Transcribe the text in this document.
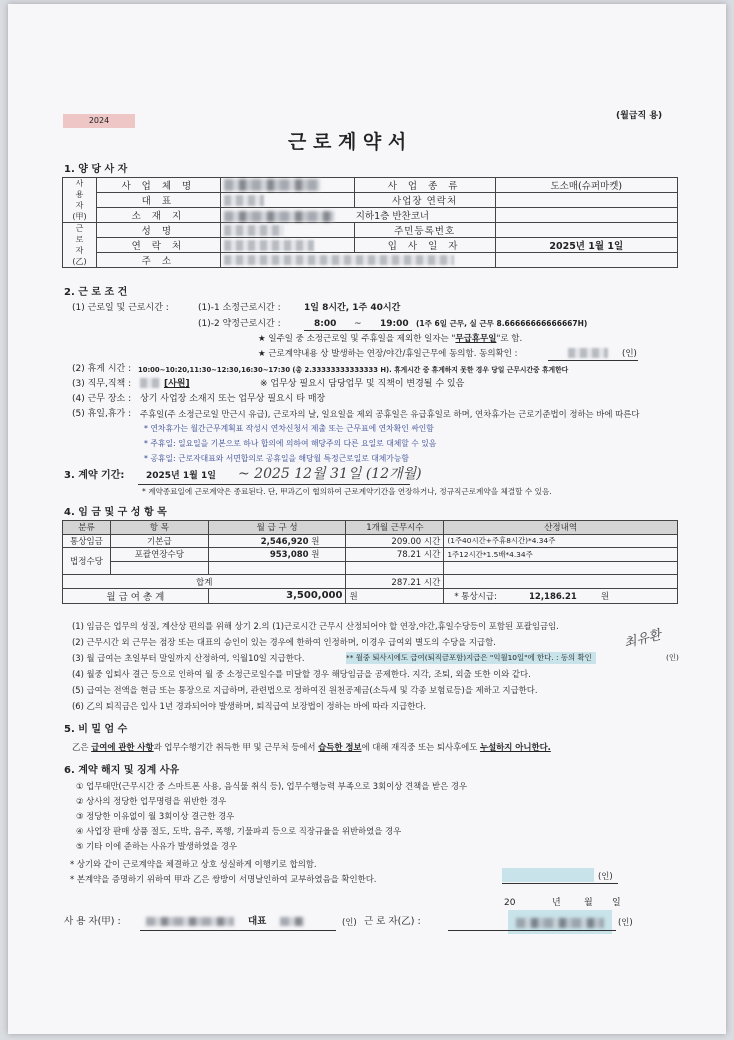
2024	(월급직 용)
근 로 계 약 서
1. 양 당 사 자
사 용 자 (甲)	사 업 체 명		사 업 종 류	도소매(슈퍼마켓)
	대 표		사업장 연락처	
	소 재 지	지하1층 반찬코너		
근 로 자 (乙)	성 명		주민등록번호	
	연 락 처		입 사 일 자	2025년 1월 1일
	주 소			
2. 근 로 조 건
(1) 근로일 및 근로시간 :	(1)-1 소정근로시간 :	1일 8시간, 1주 40시간
(1)-2 약정근로시간 :	8:00 ~ 19:00 (1주 6일 근무, 실 근무 8.66666666666667H)
★ 일주일 중 소정근로일 및 주휴일을 제외한 일자는 "무급휴무일"로 함.
★ 근로계약내용 상 발생하는 연장/야간/휴일근무에 동의함. 동의확인 :	(인)
(2) 휴게 시간 : 10:00~10:20,11:30~12:30,16:30~17:30 (총 2.33333333333333 H). 휴게시간 중 휴게하지 못한 경우 당일 근무시간중 휴게한다
(3) 직무,직책 :	[사원]	※ 업무상 필요시 담당업무 및 직책이 변경될 수 있음
(4) 근무 장소 : 상기 사업장 소재지 또는 업무상 필요시 타 매장
(5) 휴일,휴가 : 주휴일(주 소정근로일 만근시 유급), 근로자의 날, 일요일을 제외 공휴일은 유급휴일로 하며, 연차휴가는 근로기준법이 정하는 바에 따른다
* 연차휴가는 월간근무계획표 작성시 연차신청서 제출 또는 근무표에 연차확인 싸인함
* 주휴일: 일요일을 기본으로 하나 합의에 의하여 해당주의 다른 요일로 대체할 수 있음
* 공휴일: 근로자대표와 서면합의로 공휴일을 해당월 특정근로일로 대체가능함
3. 계약 기간: 2025년 1월 1일 ~ 2025 12월 31일 (12개월)
* 계약종료일에 근로계약은 종료된다. 단, 甲과乙이 협의하여 근로계약기간을 연장하거나, 정규직근로계약을 체결할 수 있음.
4. 임 금 및 구 성 항 목
분류	항 목	월 급 구 성	1개월 근무시수	산정내역
통상임금	기본급	2,546,920 원	209.00 시간	(1주40시간+주휴8시간)*4.34주
법정수당	포괄연장수당	953,080 원	78.21 시간	1주12시간*1.5배*4.34주

합계			287.21 시간	
월 급 여 총 계		3,500,000	원	* 통상시급: 12,186.21 원
(1) 임금은 업무의 성질, 계산상 편의를 위해 상기 2.의 (1)근로시간 근무시 산정되어야 할 연장,야간,휴일수당등이 포함된 포괄임금임.
(2) 근무시간 외 근무는 점장 또는 대표의 승인이 있는 경우에 한하여 인정하며, 이경우 급여외 별도의 수당을 지급함.
(3) 월 급여는 초일부터 말일까지 산정하여, 익월10일 지급한다.	** 월중 퇴사시에도 급여(퇴직금포함)지급은 "익월10일"에 한다. : 동의 확인	(인)
최유환
(4) 월중 입퇴사 결근 등으로 인하여 월 중 소정근로일수를 미달할 경우 해당임금을 공제한다. 지각, 조퇴, 외출 또한 이와 같다.
(5) 급여는 전액을 현금 또는 통장으로 지급하며, 관련법으로 정하여진 원천공제금(소득세 및 각종 보험료등)을 제하고 지급한다.
(6) 乙의 퇴직금은 입사 1년 경과되어야 발생하며, 퇴직급여 보장법이 정하는 바에 따라 지급한다.
5. 비 밀 엄 수
乙은 급여에 관한 사항과 업무수행기간 취득한 甲 및 근무처 등에서 습득한 정보에 대해 재직중 또는 퇴사후에도 누설하지 아니한다.
6. 계약 해지 및 징계 사유
① 업무태만(근무시간 중 스마트폰 사용, 음식물 취식 등), 업무수행능력 부족으로 3회이상 견책을 받은 경우
② 상사의 정당한 업무명령을 위반한 경우
③ 정당한 이유없이 월 3회이상 결근한 경우
④ 사업장 판매 상품 절도, 도박, 음주, 폭행, 기물파괴 등으로 직장규율을 위반하였을 경우
⑤ 기타 이에 준하는 사유가 발생하였을 경우
* 상기와 같이 근로계약을 체결하고 상호 성실하게 이행키로 합의함.
* 본계약을 증명하기 위하여 甲과 乙은 쌍방이 서명날인하여 교부하였음을 확인한다.	(인)
20	년	월 일
사 용 자(甲) :	대표	(인) 근 로 자(乙) :	(인)
